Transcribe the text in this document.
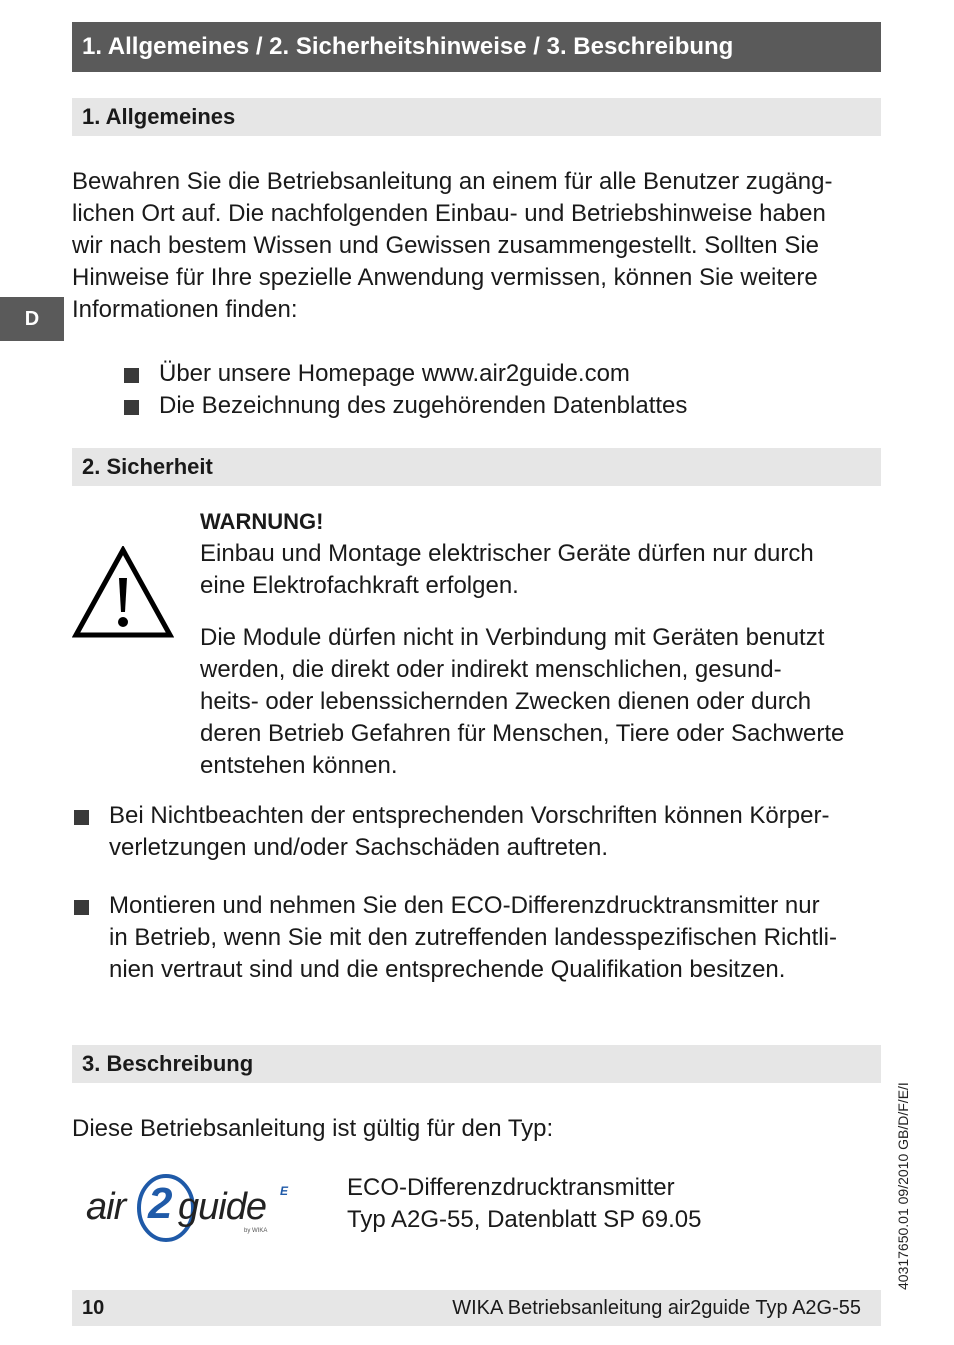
1. Allgemeines / 2. Sicherheitshinweise / 3. Beschreibung
D
1. Allgemeines
Bewahren Sie die Betriebsanleitung an einem für alle Benutzer zugäng-
lichen Ort auf. Die nachfolgenden Einbau- und Betriebshinweise haben
wir nach bestem Wissen und Gewissen zusammengestellt. Sollten Sie
Hinweise für Ihre spezielle Anwendung vermissen, können Sie weitere
Informationen finden:
Über unsere Homepage www.air2guide.com
Die Bezeichnung des zugehörenden Datenblattes
2. Sicherheit
WARNUNG!
Einbau und Montage elektrischer Geräte dürfen nur durch
eine Elektrofachkraft erfolgen.
Die Module dürfen nicht in Verbindung mit Geräten benutzt
werden, die direkt oder indirekt menschlichen, gesund-
heits- oder lebenssichernden Zwecken dienen oder durch
deren Betrieb Gefahren für Menschen, Tiere oder Sachwerte
entstehen können.
Bei Nichtbeachten der entsprechenden Vorschriften können Körper-
verletzungen und/oder Sachschäden auftreten.
Montieren und nehmen Sie den ECO-Differenzdrucktransmitter nur
in Betrieb, wenn Sie mit den zutreffenden landesspezifischen Richtli-
nien vertraut sind und die entsprechende Qualifikation besitzen.
3. Beschreibung
Diese Betriebsanleitung ist gültig für den Typ:
air 2 guide E
by WIKA
ECO-Differenzdrucktransmitter
Typ A2G-55, Datenblatt SP 69.05	40317650.01 09/2010 GB/D/F/E/I
10	WIKA Betriebsanleitung air2guide Typ A2G-55
